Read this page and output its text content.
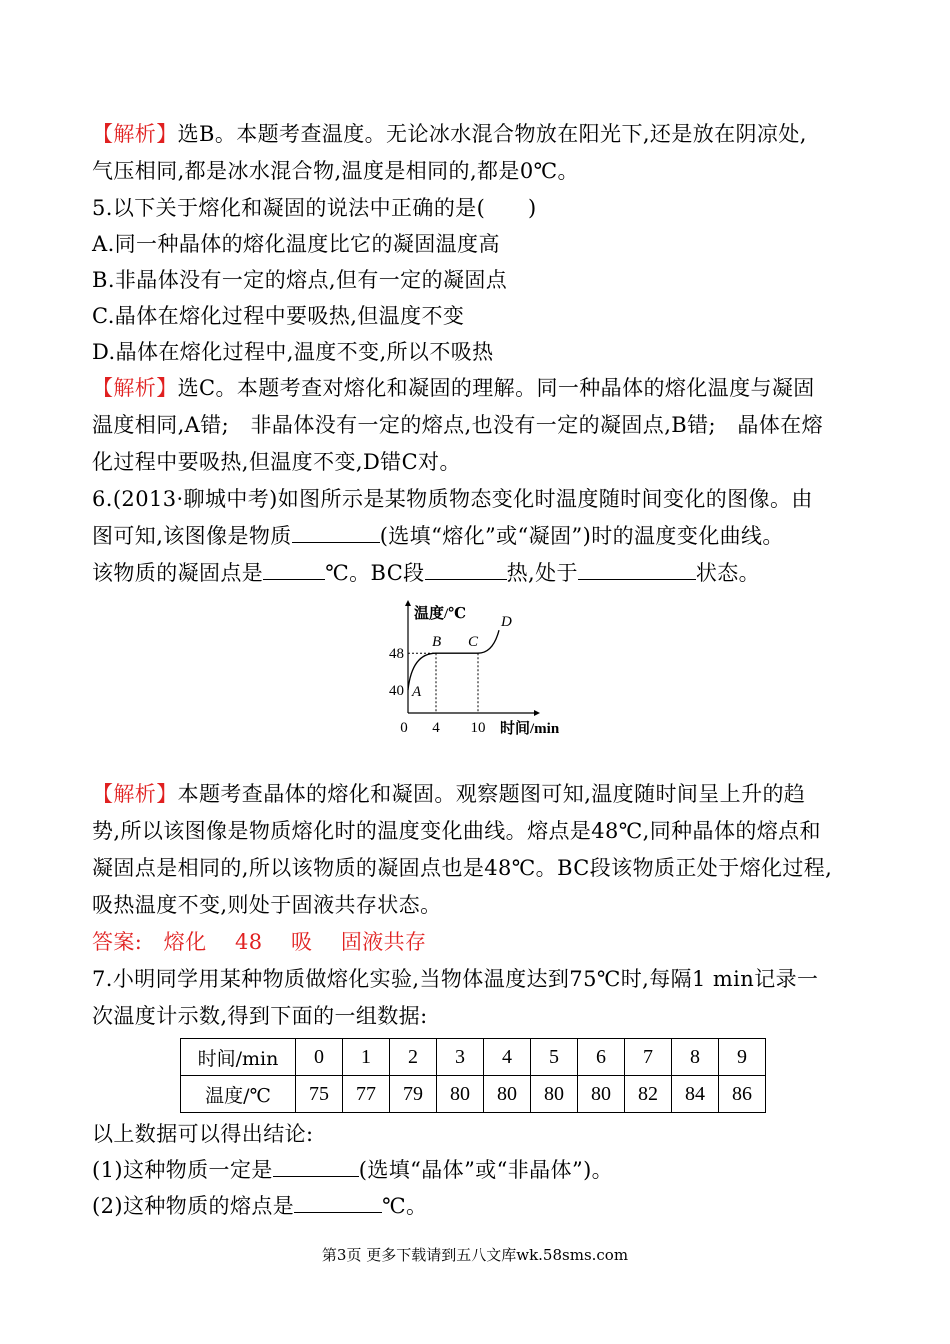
【解析】选B。本题考查温度。无论冰水混合物放在阳光下,还是放在阴凉处,
气压相同,都是冰水混合物,温度是相同的,都是0℃。
5.以下关于熔化和凝固的说法中正确的是(　　)
A.同一种晶体的熔化温度比它的凝固温度高
B.非晶体没有一定的熔点,但有一定的凝固点
C.晶体在熔化过程中要吸热,但温度不变
D.晶体在熔化过程中,温度不变,所以不吸热
【解析】选C。本题考查对熔化和凝固的理解。同一种晶体的熔化温度与凝固
温度相同,A错;　非晶体没有一定的熔点,也没有一定的凝固点,B错;　晶体在熔
化过程中要吸热,但温度不变,D错C对。
6.(2013·聊城中考)如图所示是某物质物态变化时温度随时间变化的图像。由
图可知,该图像是物质	(选填“熔化”或“凝固”)时的温度变化曲线。
该物质的凝固点是	℃。BC段	热,处于	状态。
温度/℃
时间/min
0 4 10
40
48
A
B C
D
【解析】本题考查晶体的熔化和凝固。观察题图可知,温度随时间呈上升的趋
势,所以该图像是物质熔化时的温度变化曲线。熔点是48℃,同种晶体的熔点和
凝固点是相同的,所以该物质的凝固点也是48℃。BC段该物质正处于熔化过程,
吸热温度不变,则处于固液共存状态。
答案:　熔化　 48　 吸　 固液共存
7.小明同学用某种物质做熔化实验,当物体温度达到75℃时,每隔1 min记录一
次温度计示数,得到下面的一组数据:
时间/min	0	1	2	3	4	5	6	7	8	9
温度/℃	75	77	79	80	80	80	80	82	84	86
以上数据可以得出结论:
(1)这种物质一定是	(选填“晶体”或“非晶体”)。
(2)这种物质的熔点是	℃。
第3页 更多下载请到五八文库wk.58sms.com
